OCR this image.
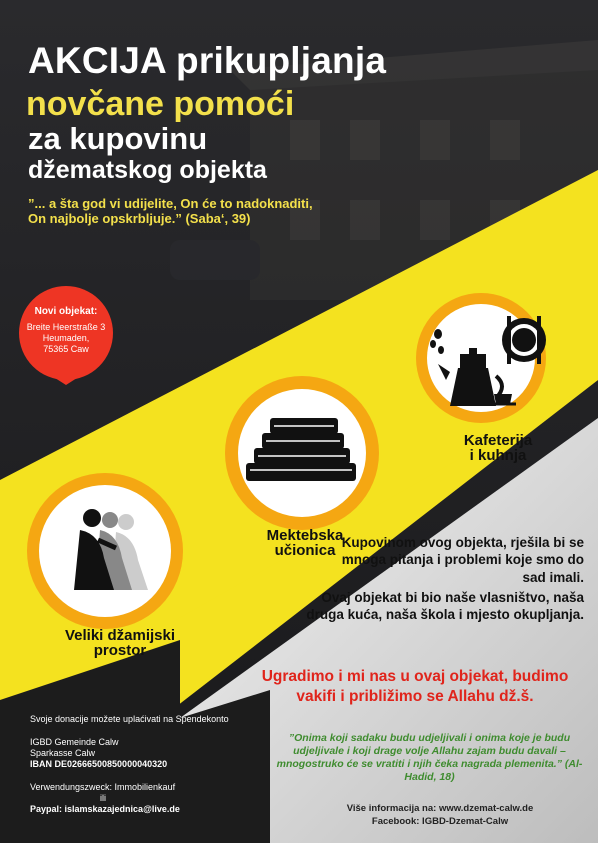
AKCIJA prikupljanja
novčane pomoći
za kupovinu
džematskog objekta
”... a šta god vi udijelite, On će to nadoknaditi, On najbolje opskrbljuje.” (Saba‘, 39)
Novi objekat:
Breite Heerstraße 3
Heumaden,
75365 Caw
Kafeterija
i kuhnja
Mektebska
učionica
Veliki džamijski
prostor
Kupovinom ovog objekta, rješila bi se mnoga pitanja i problemi koje smo do sad imali.
Ovaj objekat bi bio naše vlasništvo, naša druga kuća, naša škola i mjesto okupljanja.
Ugradimo i mi nas u ovaj objekat, budimo vakifi i približimo se Allahu dž.š.
Svoje donacije možete uplaćivati na Spendekonto

IGBD Gemeinde Calw
Sparkasse Calw
IBAN DE02666500850000040320

Verwendungszweck: Immobilienkauf
ili
Paypal: islamskazajednica@live.de
”Onima koji sadaku budu udjeljivali i onima koje je budu udjeljivale i koji drage volje Allahu zajam budu davali – mnogostruko će se vratiti i njih čeka nagrada plemenita.” (Al-Hadid, 18)
Više informacija na: www.dzemat-calw.de
Facebook: IGBD-Dzemat-Calw
